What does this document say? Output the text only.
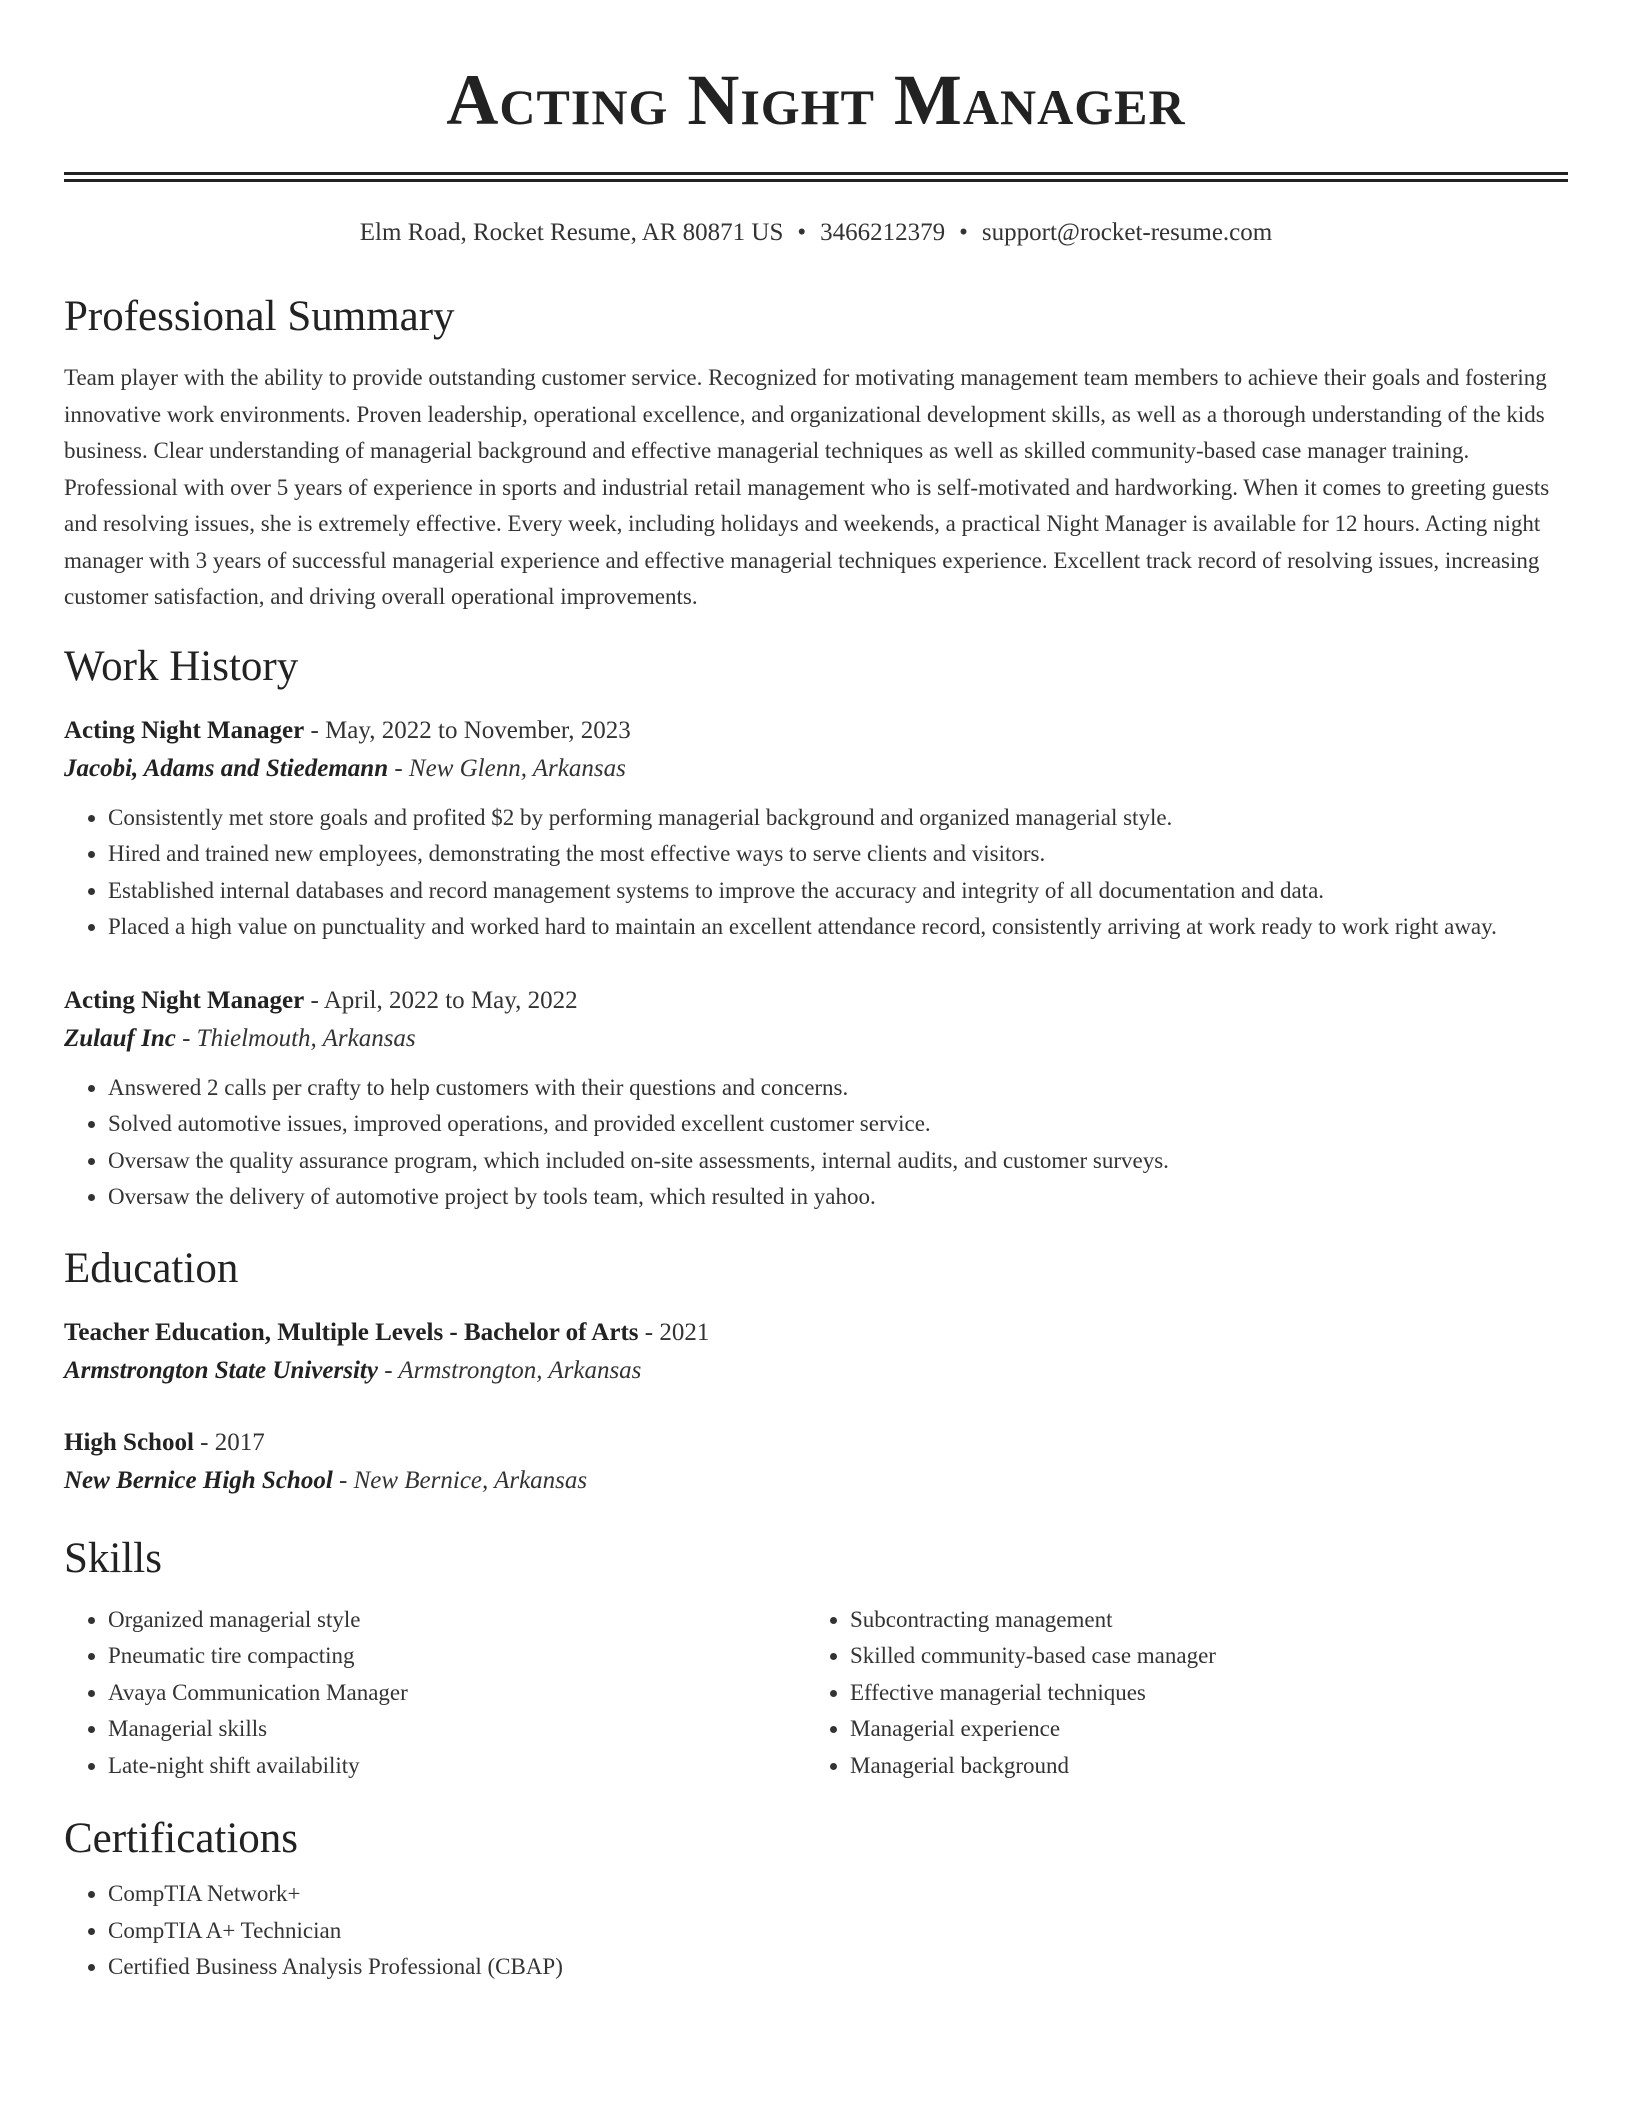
Acting Night Manager
Elm Road, Rocket Resume, AR 80871 US • 3466212379 • support@rocket-resume.com
Professional Summary

Team player with the ability to provide outstanding customer service. Recognized for motivating management team members to achieve their goals and fostering innovative work environments. Proven leadership, operational excellence, and organizational development skills, as well as a thorough understanding of the kids business. Clear understanding of managerial background and effective managerial techniques as well as skilled community-based case manager training. Professional with over 5 years of experience in sports and industrial retail management who is self-motivated and hardworking. When it comes to greeting guests and resolving issues, she is extremely effective. Every week, including holidays and weekends, a practical Night Manager is available for 12 hours. Acting night manager with 3 years of successful managerial experience and effective managerial techniques experience. Excellent track record of resolving issues, increasing customer satisfaction, and driving overall operational improvements.

Work History
Acting Night Manager - May, 2022 to November, 2023
Jacobi, Adams and Stiedemann - New Glenn, Arkansas
• Consistently met store goals and profited $2 by performing managerial background and organized managerial style.
• Hired and trained new employees, demonstrating the most effective ways to serve clients and visitors.
• Established internal databases and record management systems to improve the accuracy and integrity of all documentation and data.
• Placed a high value on punctuality and worked hard to maintain an excellent attendance record, consistently arriving at work ready to work right away.
Acting Night Manager - April, 2022 to May, 2022
Zulauf Inc - Thielmouth, Arkansas
• Answered 2 calls per crafty to help customers with their questions and concerns.
• Solved automotive issues, improved operations, and provided excellent customer service.
• Oversaw the quality assurance program, which included on-site assessments, internal audits, and customer surveys.
• Oversaw the delivery of automotive project by tools team, which resulted in yahoo.
Education
Teacher Education, Multiple Levels - Bachelor of Arts - 2021
Armstrongton State University - Armstrongton, Arkansas
High School - 2017
New Bernice High School - New Bernice, Arkansas
Skills
• Organized managerial style
• Pneumatic tire compacting
• Avaya Communication Manager
• Managerial skills
• Late-night shift availability
• Subcontracting management
• Skilled community-based case manager
• Effective managerial techniques
• Managerial experience
• Managerial background
Certifications
• CompTIA Network+
• CompTIA A+ Technician
• Certified Business Analysis Professional (CBAP)
